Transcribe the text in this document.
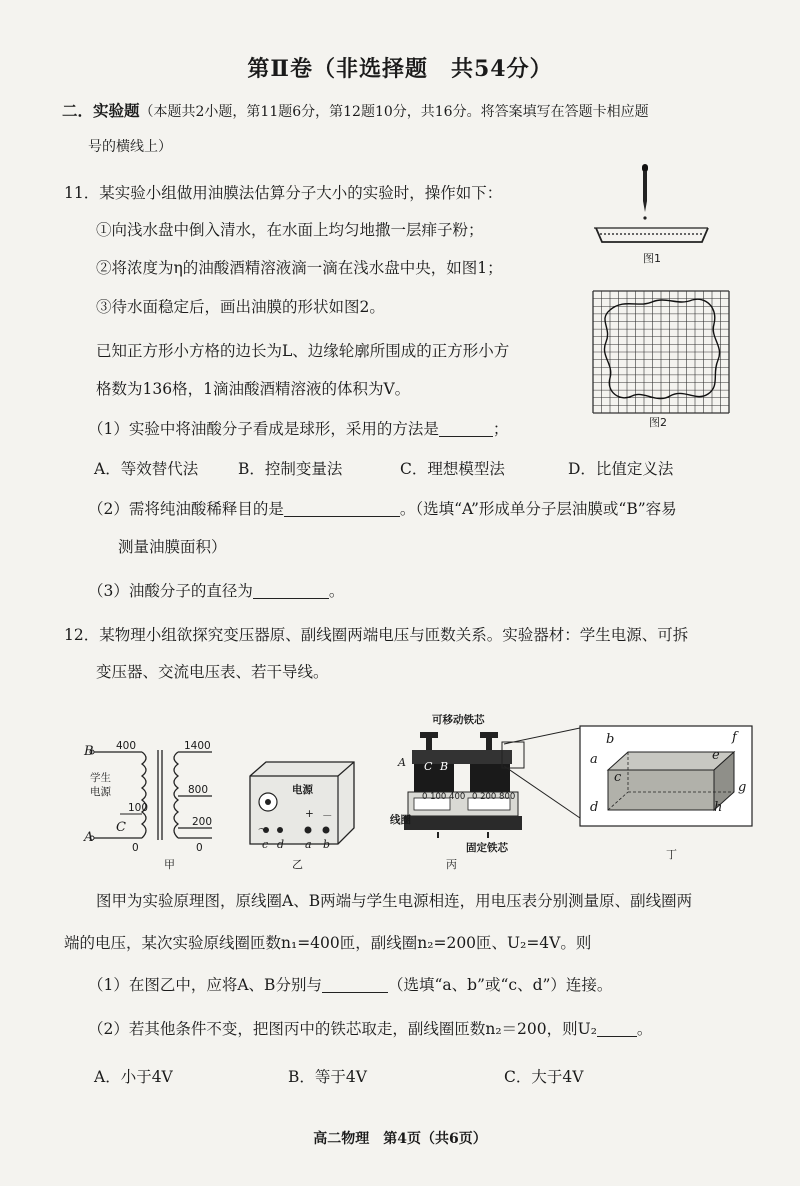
第Ⅱ卷（非选择题　共54分）
二．实验题（本题共2小题，第11题6分，第12题10分，共16分。将答案填写在答题卡相应题
号的横线上）
11．某实验小组做用油膜法估算分子大小的实验时，操作如下：
①向浅水盘中倒入清水，在水面上均匀地撒一层痱子粉；
②将浓度为η的油酸酒精溶液滴一滴在浅水盘中央，如图1；
③待水面稳定后，画出油膜的形状如图2。
已知正方形小方格的边长为L、边缘轮廓所围成的正方形小方
格数为136格，1滴油酸酒精溶液的体积为V。
图1
图2
（1）实验中将油酸分子看成是球形，采用的方法是	；
A．等效替代法	B．控制变量法	C．理想模型法	D．比值定义法
（2）需将纯油酸稀释目的是	。（选填“A”形成单分子层油膜或“B”容易
测量油膜面积）
（3）油酸分子的直径为	。
12．某物理小组欲探究变压器原、副线圈两端电压与匝数关系。实验器材：学生电源、可拆
变压器、交流电压表、若干导线。
B
A
C
学生
电源
400
100
0
1400
800
200
0
甲
电源
～
+ －
c d a b
乙
可移动铁芯
A C B
0 100 400 0 200 800
线圈
固定铁芯
丙
a
b
c
d
e
f
g
h
丁
图甲为实验原理图，原线圈A、B两端与学生电源相连，用电压表分别测量原、副线圈两
端的电压，某次实验原线圈匝数n₁=400匝，副线圈n₂=200匝、U₂=4V。则
（1）在图乙中，应将A、B分别与	（选填“a、b”或“c、d”）连接。
（2）若其他条件不变，把图丙中的铁芯取走，副线圈匝数n₂＝200，则U₂	。
A．小于4V	B．等于4V	C．大于4V
高二物理　第4页（共6页）
